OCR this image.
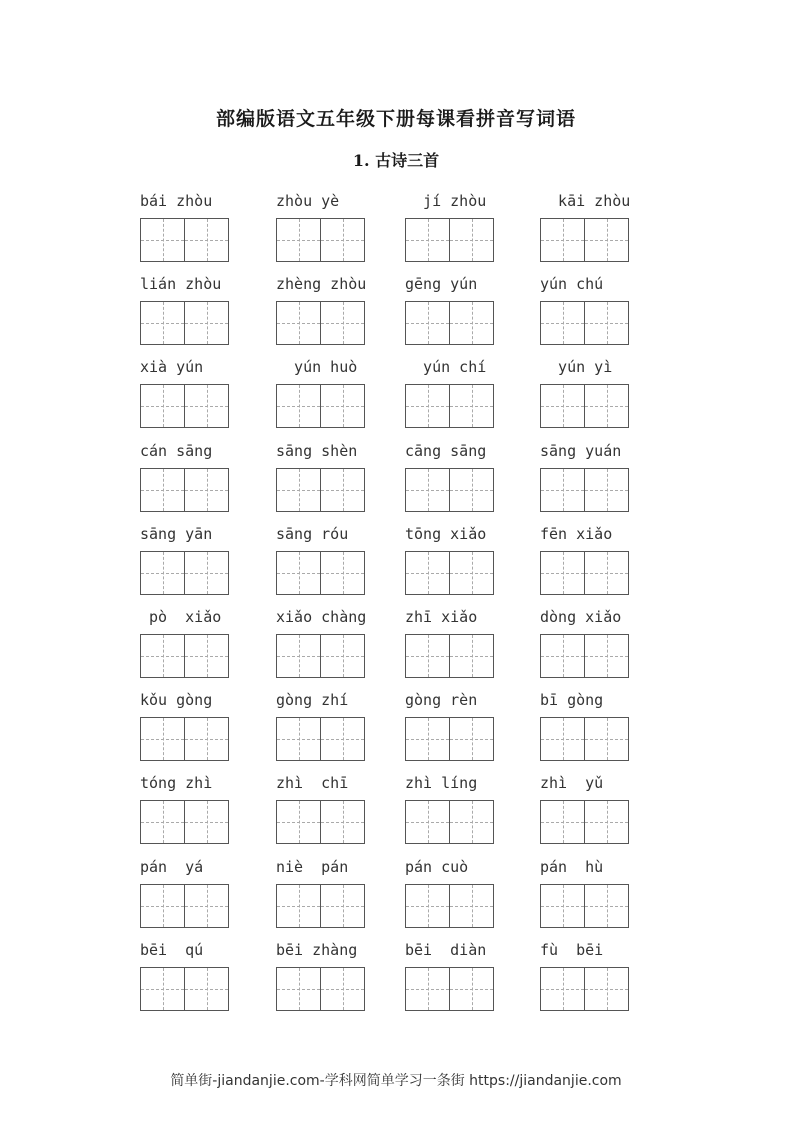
部编版语文五年级下册每课看拼音写词语
1. 古诗三首
bái zhòu	zhòu yè	jí zhòu	kāi zhòu
lián zhòu	zhèng zhòu	gēng yún	yún chú
xià yún	yún huò	yún chí	yún yì
cán sāng	sāng shèn	cāng sāng	sāng yuán
sāng yān	sāng róu	tōng xiǎo	fēn xiǎo
pò  xiǎo	xiǎo chàng	zhī xiǎo	dòng xiǎo
kǒu gòng	gòng zhí	gòng rèn	bī gòng
tóng zhì	zhì  chī	zhì líng	zhì  yǔ
pán  yá	niè  pán	pán cuò	pán  hù
bēi  qú	bēi zhàng	bēi  diàn	fù  bēi
简单街-jiandanjie.com-学科网简单学习一条街 https://jiandanjie.com
